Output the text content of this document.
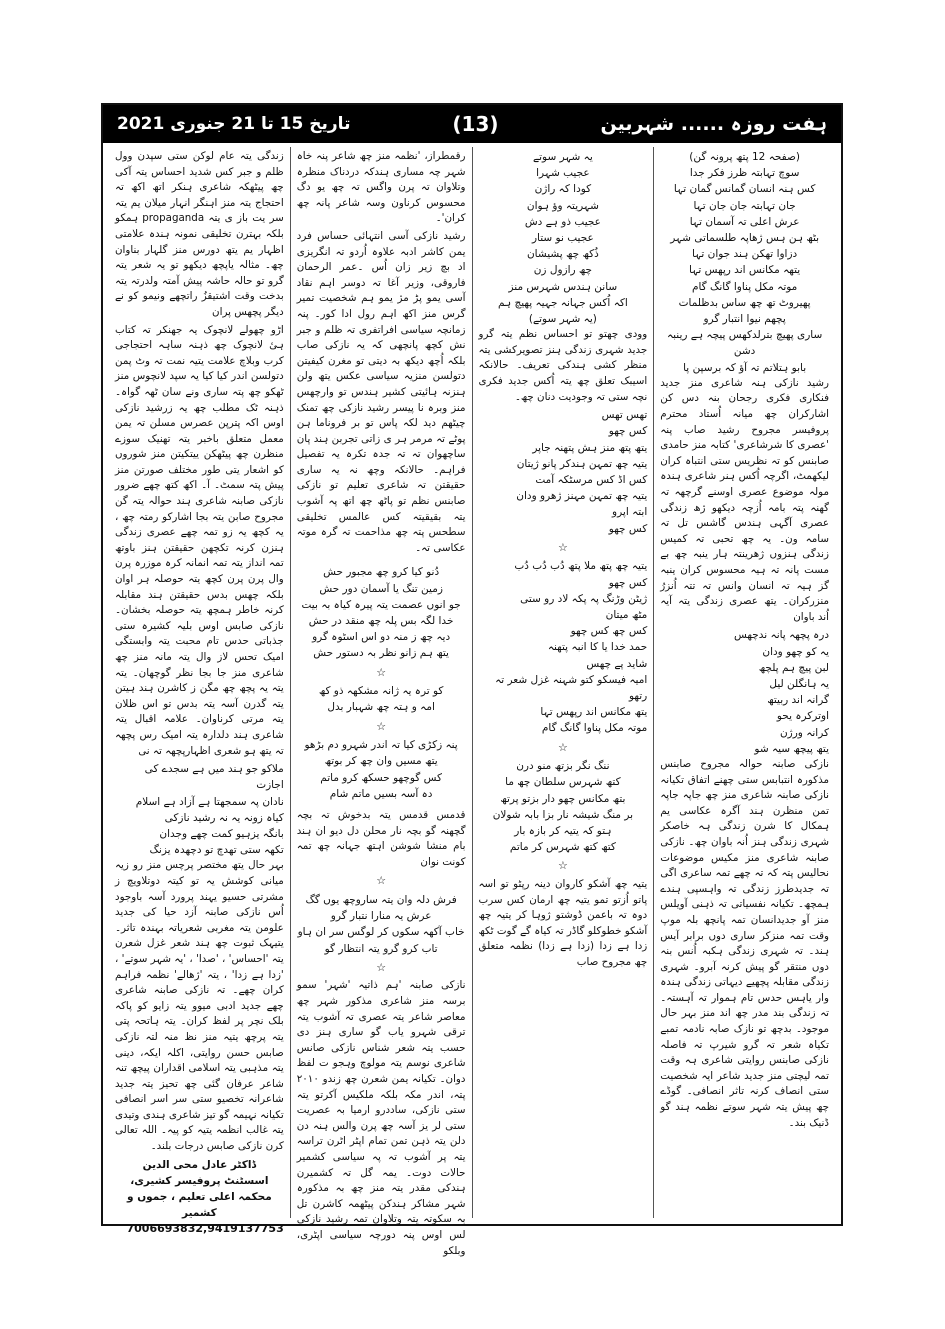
تاریخ 15 تا 21 جنوری 2021	(13)	ہفت روزہ ...... شہربین
(صفحہ 12 پتھ پرونہ گن)
سوچ تہابتہ ظرز فکر جدا
کس ہنہ انسان گمانس گمان تہا
جان تہابتہ جان جان تہا
عرش اعلی تہ آسمان تہا
بٹھ ہن ہس ژھاپہ طلسماتی شہر
دزاوا تھکن ہند جوان تہا
یتھہ مکانس اند رپھس تہا
موتہ مکل پناوا گانگ گام
پھیروٹ تھ چھ ساس بدظلمات
پچھم نیوا انتبار گرو
ساری پھیچ بترلدکھس پیچہ ہے رینبہ دشن
بابو ہتلاتم تہ آؤ کہ برسپن پا

رشید نازکی ہنہ شاعری منز جدید فنکاری فکری رجحان بنہ دس کن اشارکران چھ میانہ اُستاد محترم پروفیسر مجروح رشید صاب پنہ 'عصری کا شرشاعری' کتابہ منز حامدی صابنس کو تہ نظریس ستی انتباہ کران لیکھمٹ، اگرچہ اُکس ہنر شاعری ہندہ مولہ موضوع عصری اوسنے گرچھہ تہ گھنہ پتہ بامہ اُزچہ دیکھو ژھ زندگی عصری آگہی ہندس گاشس تل تہ سامہ ون۔ یہ چھ تحبی تہ کمیس زندگی ہنزوں ژھرینتہ ہار ینبہ چھ بے مست پانہ تہ ہیہ محسوس کران ینبہ گز ہیہ تہ انسان وانس تہ تتہ اُنزرُ منزرکران۔ یتھ عصری زندگی یتہ آیہ اُند باوان

درہ پچھہ پانہ ندچھس
یہ کو چھو ودان
لبن پیچ ہم پلچھ
یہ ہانگلن لیل
گرانہ اند ربیتھ
اوترکرہ یحو
کرانہ ورژن
یتھ پیچھ سیہ شو

نازکی صابنہ حوالہ مجروح صابنس مذکورہ انتبابس ستی چھنے اتفاق تکیانہ نازکی صابنہ شاعری منز چھ جاپہ جاپہ تمن منظرن ہند آگرہ عکاسی یم ہمکال کا شرن زندگی ہہ خاصکر شہری زندگی ہنز اُنہ باوان چھ۔ نازکی صابنہ شاعری منز مکیس موضوعات نحالیس پتہ کہ تہ چھے تمہ ساعری اگی تہ جدیدطرز زندگی تہ واہسپی ہندے ہمچھ۔ تکیانہ نفسیاتی تہ ذہنی آویلس منز آو جدیدانسان تمہ پانچھ بلہ موپ وقت تمہ منزکر ساری دوں برابر آیس ہند۔ تہ شہری زندگی ہکبہ اُنس بنہ دوں منتقر گو پیش کرنہ آبرو۔ شہری زندگی مقابلہ پچھیے دیہاتی زندگی ہندہ وار یاہس حدس تام ہموار تہ آہستہ۔ تہ زندگی بند مدر چھ اند منز بہر حال موجود۔ بدچھ تو نازک صابہ نادمہ تمبے تکیاہ شعر تہ گرو شیرپ تہ فاصلہ نازکی صابنس روایتی شاعری ہہ وقت تمہ لیچتی منز جدید شاعر ایہ شخصیت ستی انصاف کرنہ تاثر انصافی۔ گوڈے چھ پیش یتہ شہر سوتے نظمہ ہند گو ڈنیک بند۔

یہ شہر سوتے
عجیب شہرا
کودا کہ راژن
شہریتہ وؤ ہوان
عجیب ذو ہے دش
عجیب نو ستار
ذُکھ چھ پشیشان
چھ رازول زن
سانن ہندس شہرس منز
اکہ اُکس جہانہ جہیہ پھیچ ہم
(یہ شہر سوتے)

وودی چھتو تو احساس نظم یتہ گرو جدید شہری زندگی ہنز تصویرکشی یتہ منظر کشی ہندکی تعریف۔ حالانکہ اسیبک تعلق چھ یتہ اُکس جدید فکری نچہ ستی تہ وجودیت دنان چھ۔

تھس تھس
کس چھو
یتھ پتھ منز ہش پتھنہ جاپر
یتیہ چھ تمہن ہندکر پانو ژیتان
کس اڈ کس مرسٹکہ آمت
یتیہ چھ تمہن مہنز ژھرو ودان
ابتہ اپرو
کس چھو
☆
یتیہ چھ پتھ ملا پتھ دُب دُب دُب
کس چھو
ژیٹن وڑنگ پہ پکہ لاد رو ستی
مٹھ میتان
کس چھ کس چھو
حمد خدا یا کا انبہ پتھنہ
شاید پے چھس
امیہ فیسکو کتو شہنہ غزل شعر تہ رتھو
یتھ مکانس اند رپھس تہا
موتہ مکل پناوا گانگ گام
☆
ننگ نگر بزتھ منو درن
کتھ شہرس سلطان چھ ما
بتھ مکانس چھو دار بزتو پرتھ
بر منگ شیشہ نار بزا بابہ شولان
ہتو کہ یتیہ کر بازہ بار
کتھ کتھ شہرس کر ماتم
☆

یتیہ چھ آشکو کاروان دینہ رپٹو تو اسہ پاتو اُزتو تمو یتیہ چھ ارمان کس سرب دوہ تہ باعمن ڈوشتو ژوہا کر یتیہ چھ آشکو خطوکلو گاڈر تہ کیاہ گے گوت ٹکھ زدا ہے زدا (زدا ہے زدا) نظمہ متعلق چھ مجروح صاب

رقمطراز، 'نظمہ منز چھ شاعر پنہ خاہ شہر چہ مساری ہندکہ دردناک منظرہ وتلاوان تہ پرن واگس تہ چھ یو دگ محسوس کرناون وسہ شاعر پانہ چھ کران'۔

رشید نازکی آسی انتہائی حساس فرد یمن کاشر ادبہ علاوہ اُردو تہ انگریزی اد بچ زیر زان اُس ۔عمر الرحمان فاروقی، وزیر آغا تہ دوسر اہم نقاد آسی یمو پڑ مژ یمو ہم شخصیت تمیر گرس منز اکھ اہم رول ادا کور۔ پنہ زمانچہ سیاسی افراتفری تہ ظلم و جبر نش کچھ پانچھی کہ یہ نازکی صاب بلکہ اُچھ دیکھ بہ دیتی تو مغرن کیفیتن دتولسن منزیہ سیاسی عکس یتھ ولن ہنزنہ ہائیتی کشیر ہندس تو وارچھس منز وبرہ نا پیسر رشید نازکی چھ تمنک چیٹھم دید لکہ پاس تو بر فروناما ہن پوٹے تہ مرمر ہر ی زاتی تجربن ہند پان ساچھوان تہ تہ جدہ تکرہ یہ تفصیل فراہم۔ حالانکہ وچھ نہ یہ ساری حقیقتن تہ شاعری تعلیم تو نازکی صابنس نظم تو پاٹھ چھ اتھ پہ آشوب یتہ بقیقیتہ کس عالمس تخلیقی سطحس پتہ چھ مذاحمت تہ گرہ موتہ عکاسی تہ۔

دُنو کیا کرو چھ مجبور حش
زمین تنگ یا آسمان دور حش
جو انوں عصمت یتہ پیرہ کیاہ بہ بیت
خدا لگہ بس پلہ چھ منقد در حش
دیہ چھ ز منہ دو اس اسٹوہ گرو
یتھ ہم زانو نظر بہ دستور حش
☆
کو ترہ یہ ژانہ مشکھہ ذو کھ
امہ و ہتہ چھ شہبار بدل
☆
پنہ زکڑی کیا تہ اندر شہرو دم بڑھو
یتھ مسیں وان چھ کر بوتھ
کس گوچھو حسکھ کرو ماتم
دہ آسہ بسیں ماتم شام

قدمس قدمس یتہ بدخوش تہ بچہ گچھنہ گو بچہ نار محلن دل دیو ان ہند بام منشا شوشن اہتھ جہانہ چھ تمہ کونت نوان

☆
فرش دلہ وان یتہ ساروچھ یوں گگ
عرش یہ منارا نتبار گرو
خاب آکھہ سکوں کر لوگس سر ان ہاو
تاب کرو گرو یتہ انتظار گو
☆

نازکی صابنہ 'ہم ذاتیہ 'شہر' سمو برسہ منز شاعری مذکور شہر چھ معاصر شاعر یتہ عصری تہ آشوب یتہ ترقی شہرو یاب گو ساری ہنز دی حسب یتہ شعر شناس نازکی صانس شاعری نوسم یتہ مولوچ وہجو ت لفظ دوان۔ تکیانہ یمن شعرن چھ زندو ۲۰۱۰ پتہ، اندر مکہ بلکہ ملکیس آکرتو یتہ ستی نازکی، ساددرو ارمیا بہ عصریت ستی لر یز آسہ چھ پرن والس ہنہ دن دلن یتہ ذہن تمن تمام اپٹر اٹرن تراسہ یتہ پر آشوب تہ پہ سیاسی کشمیر حالات دوت۔ یمہ گل تہ کشمیرن ہندکی مقدر یتہ منز چھ بہ مذکورہ شہر مشاکر ہندکن پیٹھمہ کاشرن تل بہ سکوتہ یتہ وتلاوان تمہ رشید نازکی لس اوس پنہ دورچہ سیاسی اپٹری، وبلکو

زندگی یتہ عام لوکن ستی سپدن وول ظلم و جبر کس شدید احساس یتہ آکی چھ پیٹھکہ شاعری ہنکر اتھ اکھ تہ احتجاج یتہ منز اہنگر انہار میلان یم یتہ سر یت باز ی یتہ propaganda ہمکو بلکہ بہترن تخلیقی نمونہ ہندہ علامتی اظہار یم یتھ دورس منز گلہار بناوان چھ۔ مثالہ یاپچھ دیکھو تو یہ شعر یتہ گرو تو حالہ حاشہ پیش آمتہ ولدرتہ یتہ بدخت وقت اشتیقزُ راتچھے ونیمو کو نے دیگر پچھس پران

اڑو چھولے لانچوک یہ جھنکر تہ کتاب ہیٔ لانچوک چھ ذہنہ ساہہ احتجاجی کرب وبلاچ علامت یتیہ نمت تہ وٹ پمن دتولسن اندر کیا کیا یہ سپد لانچوس منز ٹھکو چھ پتہ ساری ونے سان ٹھہ گواہ۔ ذہنہ ٹک مطلب چھ یہ زرشید نازکی اوس اکہ پترپن عصرس مسلن تہ یمن معمل متعلق باخبر یتہ تھنیک سوزے منظرن چھ پیٹھکن ییتکیتن منز شوروں کو اشعار یتی طور مختلف صورتن منز پیش پتہ سمٹ۔ آ۔ اکھ کتھ چھے ضرور نازکی صابنہ شاعری ہند حوالہ یتہ گن مجروح صابن یتہ بجا اشارکو رمتہ چھ ، یہ کچھ یہ زو تمہ چھے عصری زندگی ہنزن کرنہ تکچھن حقیقتن ہنز باوتھ تمہ انداز یتہ تمہ انمانہ کرہ موزرہ پرن وال پرن پرن کچھ یتہ حوصلہ ہر اوان بلکہ چھس بدس حقیقتن ہند مقابلہ کرنہ خاطر ہمچھ یتہ حوصلہ بخشان۔ نازکی صابس اوس بلیہ کشیرہ ستی جذباتی حدس تام محبت یتہ وابستگی امیک تحس لاز وال یتہ مانہ منز چھ شاعری منز جا بجا نظر گوچھان۔ یتہ یتہ یہ پچھ چھ مگن ز کاشرن ہند ہیتن یتہ گدرن آسہ یتہ بدس تو اس ظلان یتہ مرتی کرناوان۔ علامہ اقبال یتہ شاعری ہند دلدارہ یتہ امیک رس پچھہ تہ یتھ ہو شعری اظہارپچھہ تہ نی

ملاکو جو ہند میں ہے سجدے کی اجازت
نادان پہ سمجھتا ہے آزاد ہے اسلام
کیاہ زونہ یہ نہ رشید نازکی
بانگہ یزہیو کمت چھے وجدان
تکھہ ستی تھدچ تو دچھدہ یزنگ

بہر حال یتھ مختصر پرچس منز رو زیہ میانی کوشش یہ تو کیتہ دوتلاویچ ز مشرتی حسیو یہند پرورد آسہ باوجود اُس نازکی صابنہ آزد حیا کی جدید علومن یتہ مغربی شعریاتہ بہندہ تاثر۔ یتیہک ثبوت چھ ہند شعر غزل شعرن یتہ 'احساس' ، 'صدا' ، 'یہ شہر سوتے' ، 'زدا ہے زدا' ، یتہ 'ژھالے' نظمہ فراہم کران چھے۔ تہ نازکی صابنہ شاعری چھے جدید ادبی میوو یتہ زایو کو پاکہ بلک نچر پر لفظ کران۔ یتہ ہاتحہ پتی یتہ پرچھ یتیہ منز نظ منہ لتہ نازکی صابس حسن روایتی، اکلہ ایکہ، دینی یتہ مذہبی یتہ اسلامی اقداران پیچھ تنہ شاعر عرفان گئی چھ تحیز یتہ جدید شاعرانہ تخصیو ستی سر اسر انصافی تکیانہ نہیمہ گو تیز شاعری ہندی وتیدی یتہ غالب انظمہ یتیہ کو پیہ۔ اللہ تعالی کرن نازکی صابس درجات بلند۔

ڈاکٹر عادل محی الدین
اسسٹنٹ پروفیسر کشیری، محکمہ اعلی تعلیم ، جموں و کشمیر
7006693832,9419137753
